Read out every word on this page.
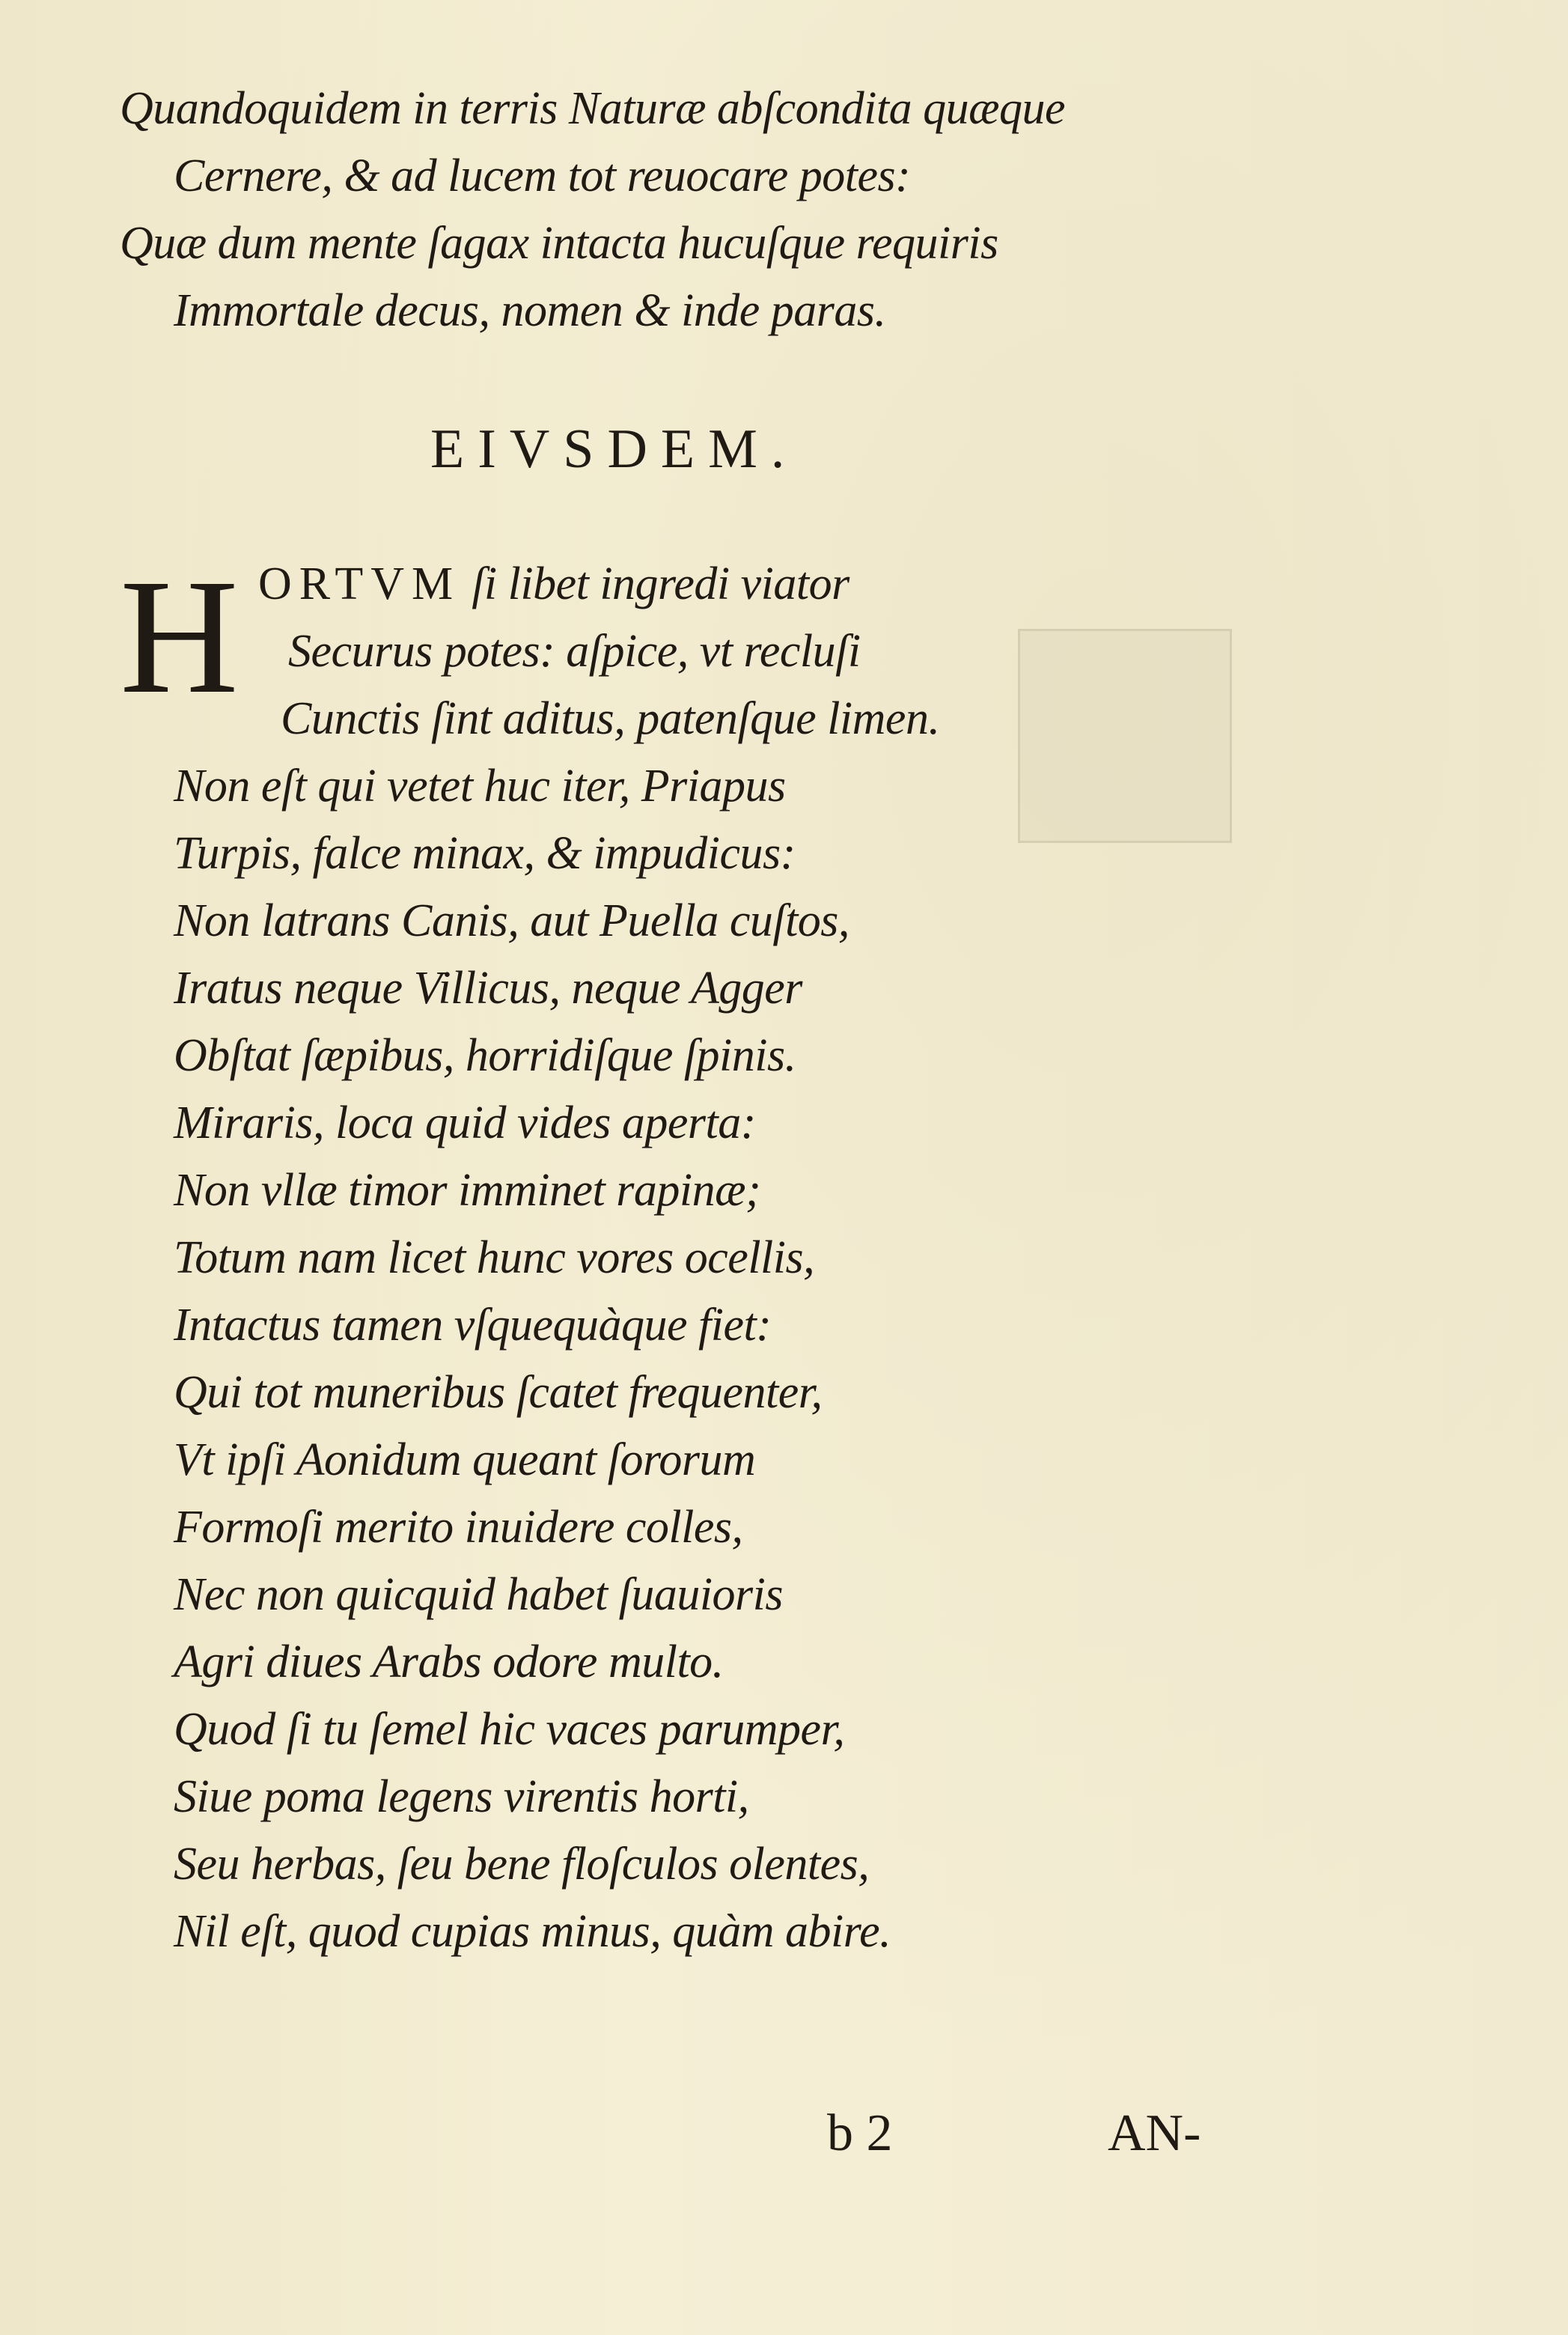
Quandoquidem in terris Naturæ abſcondita quæque
Cernere, & ad lucem tot reuocare potes:
Quæ dum mente ſagax intacta hucuſque requiris
Immortale decus, nomen & inde paras.
EIVSDEM.
H ORTVM ſi libet ingredi viator
Securus potes: aſpice, vt recluſi
Cunctis ſint aditus, patenſque limen.
Non eſt qui vetet huc iter, Priapus
Turpis, falce minax, & impudicus:
Non latrans Canis, aut Puella cuſtos,
Iratus neque Villicus, neque Agger
Obſtat ſæpibus, horridiſque ſpinis.
Miraris, loca quid vides aperta:
Non vllæ timor imminet rapinæ;
Totum nam licet hunc vores ocellis,
Intactus tamen vſquequàque fiet:
Qui tot muneribus ſcatet frequenter,
Vt ipſi Aonidum queant ſororum
Formoſi merito inuidere colles,
Nec non quicquid habet ſuauioris
Agri diues Arabs odore multo.
Quod ſi tu ſemel hic vaces parumper,
Siue poma legens virentis horti,
Seu herbas, ſeu bene floſculos olentes,
Nil eſt, quod cupias minus, quàm abire.
b 2	AN-
